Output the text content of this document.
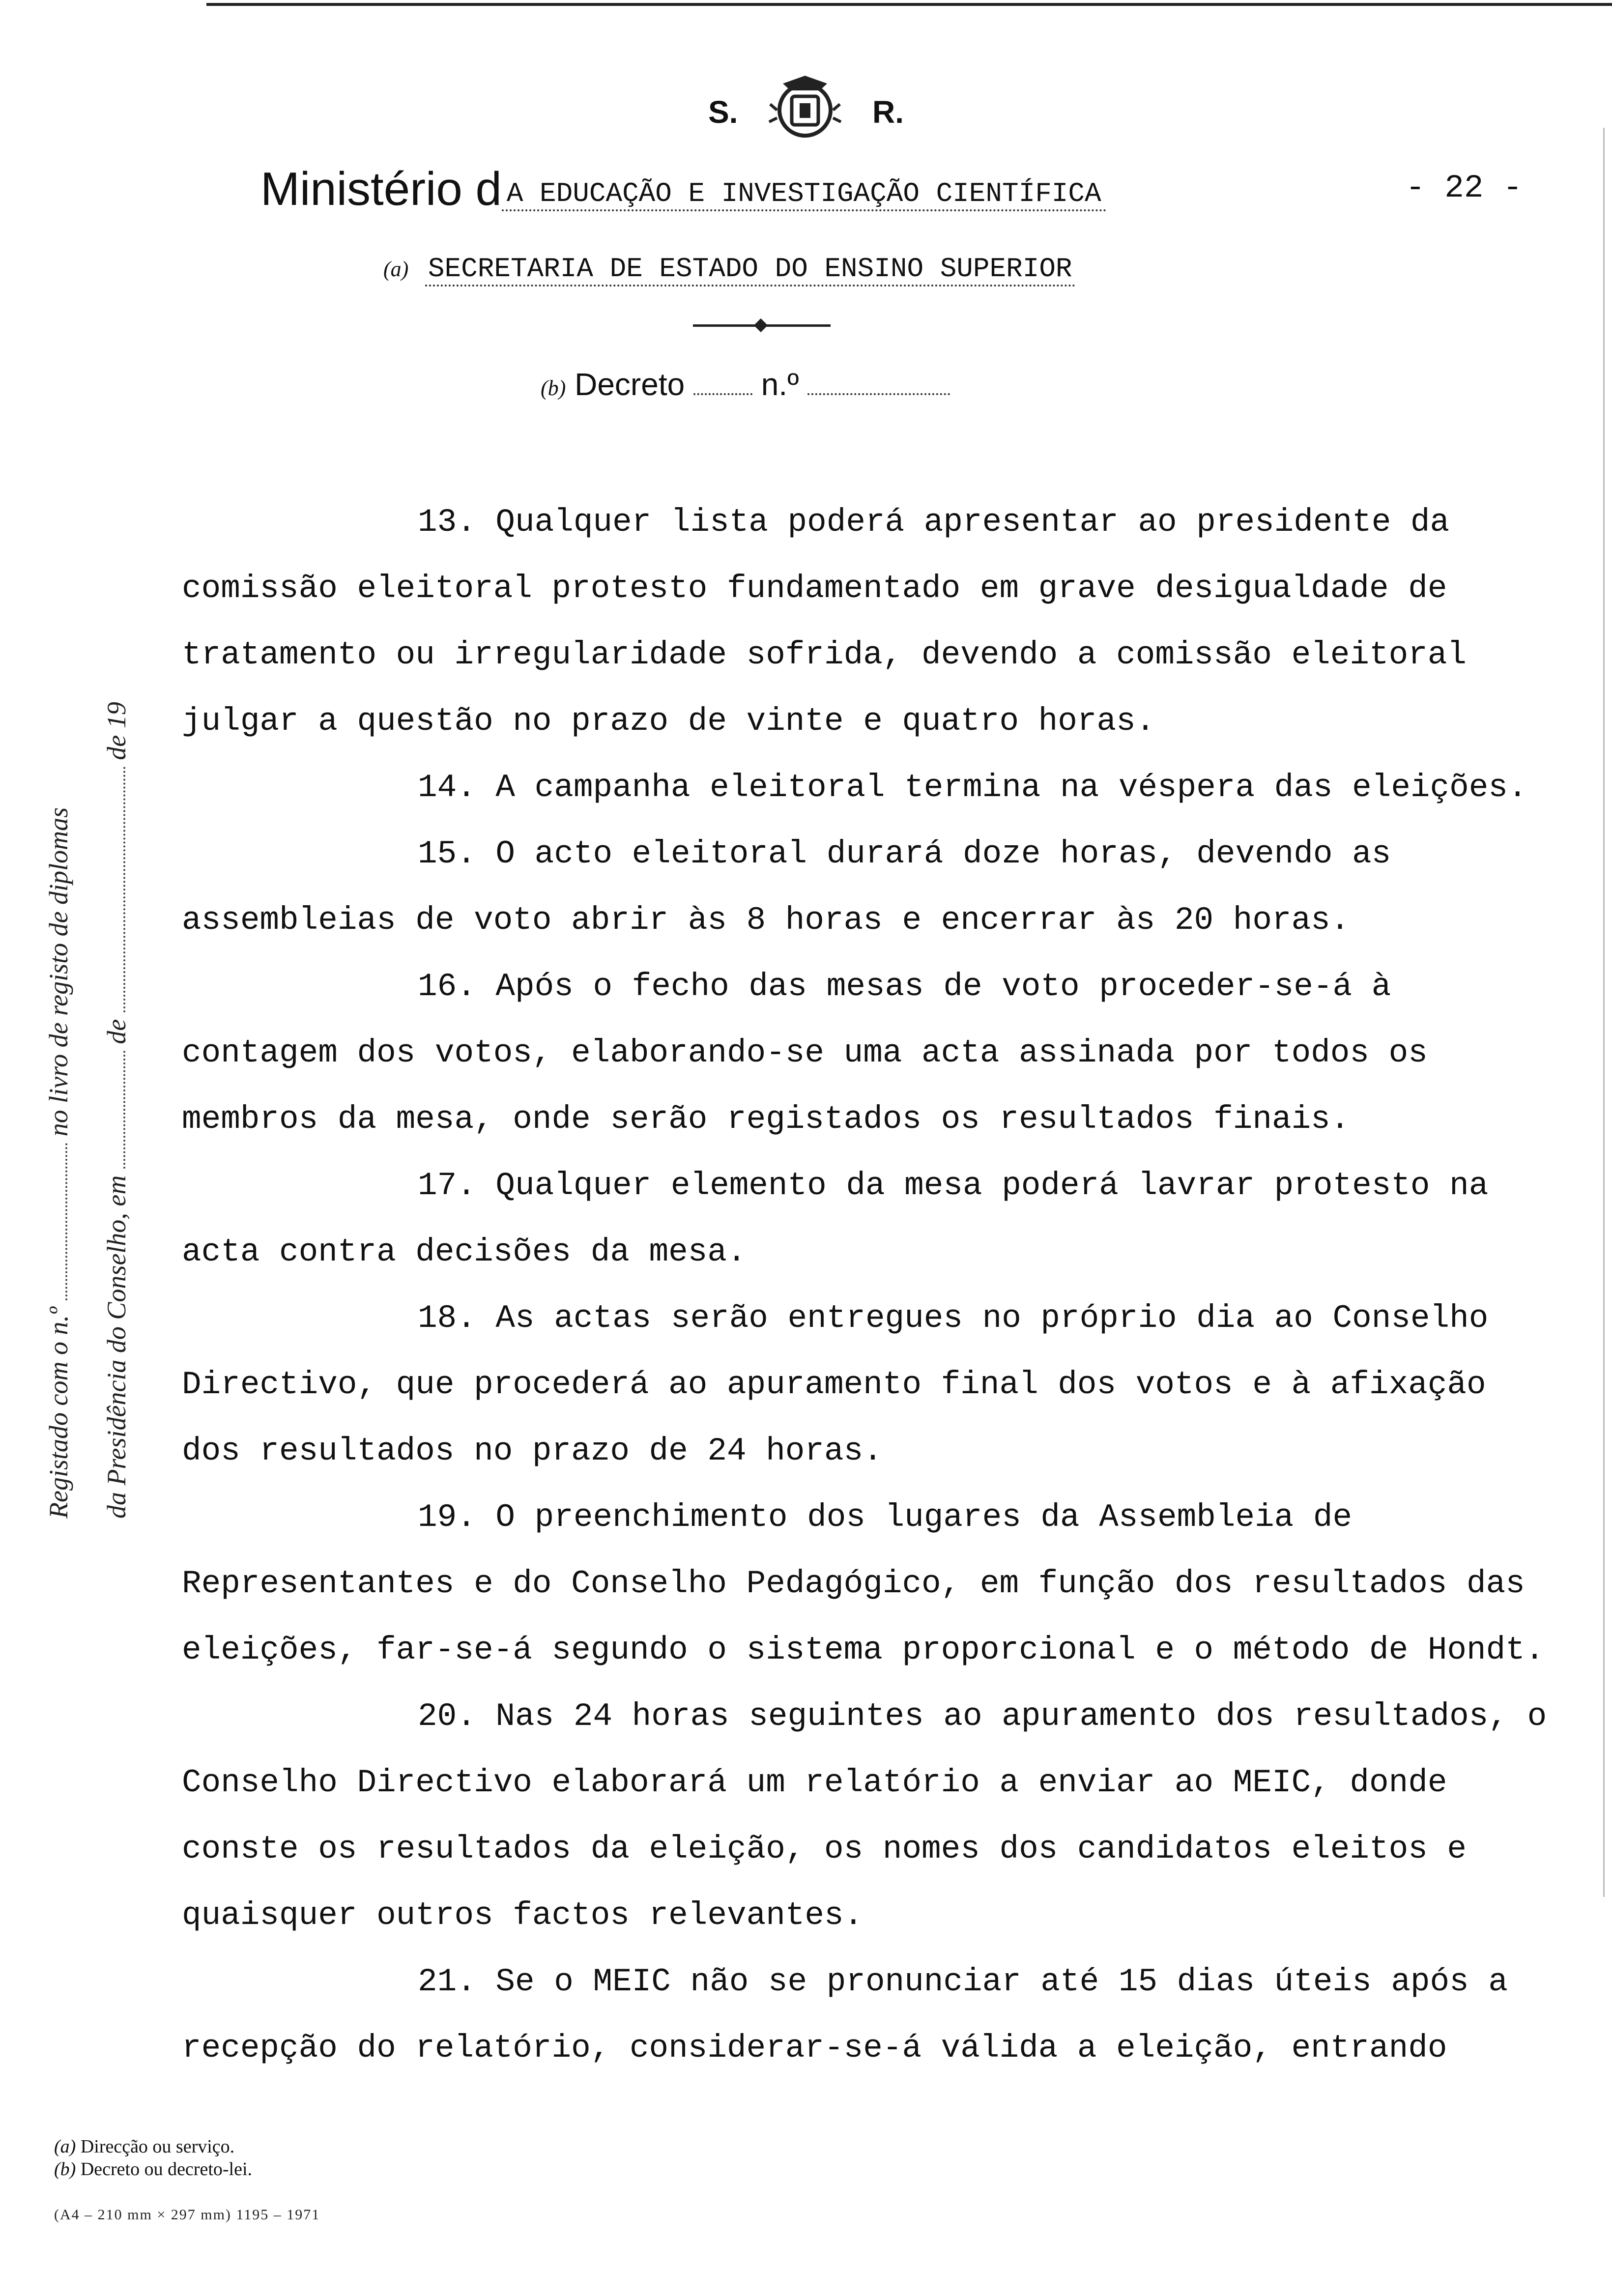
S.	R.
Ministério d A EDUCAÇÃO E INVESTIGAÇÃO CIENTÍFICA	- 22 -
(a) SECRETARIA DE ESTADO DO ENSINO SUPERIOR
(b) Decreto n.º
Registado com o n.º  no livro de registo de diplomas
da Presidência do Conselho, em  de  de 19

13. Qualquer lista poderá apresentar ao presidente da comissão eleitoral protesto fundamentado em grave desigualdade de tratamento ou irregularidade sofrida, devendo a comissão eleitoral julgar a questão no prazo de vinte e quatro horas.

14. A campanha eleitoral termina na véspera das eleições.

15. O acto eleitoral durará doze horas, devendo as assembleias de voto abrir às 8 horas e encerrar às 20 horas.

16. Após o fecho das mesas de voto proceder-se-á à contagem dos votos, elaborando-se uma acta assinada por todos os membros da mesa, onde serão registados os resultados finais.

17. Qualquer elemento da mesa poderá lavrar protesto na acta contra decisões da mesa.

18. As actas serão entregues no próprio dia ao Conselho Directivo, que procederá ao apuramento final dos votos e à afixação dos resultados no prazo de 24 horas.

19. O preenchimento dos lugares da Assembleia de Representantes e do Conselho Pedagógico, em função dos resultados das eleições, far-se-á segundo o sistema proporcional e o método de Hondt.

20. Nas 24 horas seguintes ao apuramento dos resultados, o Conselho Directivo elaborará um relatório a enviar ao MEIC, donde conste os resultados da eleição, os nomes dos candidatos eleitos e quaisquer outros factos relevantes.

21. Se o MEIC não se pronunciar até 15 dias úteis após a recepção do relatório, considerar-se-á válida a eleição, entrando

(a) Direcção ou serviço.
(b) Decreto ou decreto-lei.
(A4 – 210 mm × 297 mm) 1195 – 1971
